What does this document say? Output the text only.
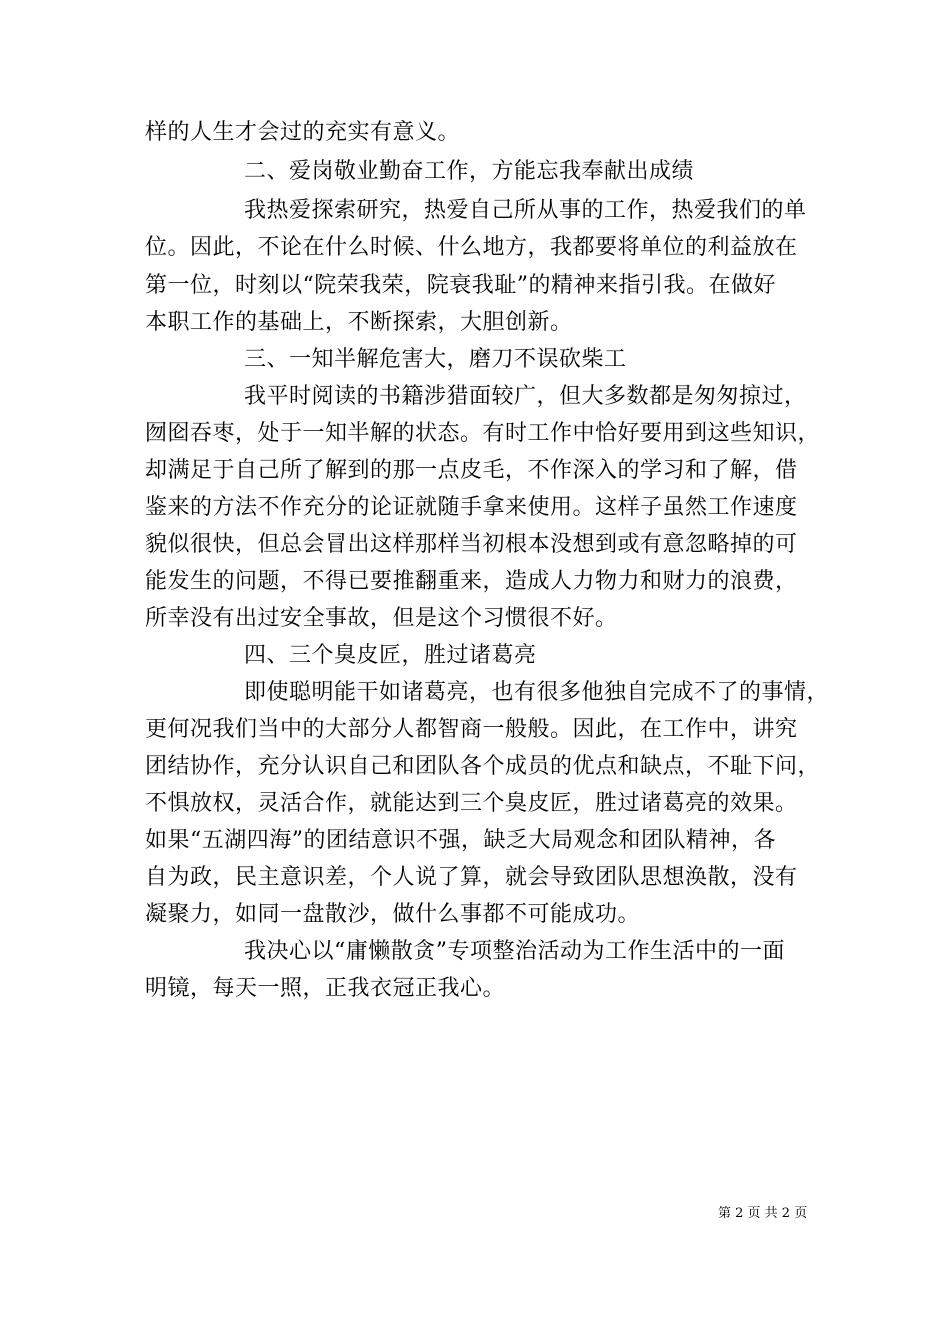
样的人生才会过的充实有意义。
二、爱岗敬业勤奋工作，方能忘我奉献出成绩
我热爱探索研究，热爱自己所从事的工作，热爱我们的单
位。因此，不论在什么时候、什么地方，我都要将单位的利益放在
第一位，时刻以“院荣我荣，院衰我耻”的精神来指引我。在做好
本职工作的基础上，不断探索，大胆创新。
三、一知半解危害大，磨刀不误砍柴工
我平时阅读的书籍涉猎面较广，但大多数都是匆匆掠过，
囫囵吞枣，处于一知半解的状态。有时工作中恰好要用到这些知识，
却满足于自己所了解到的那一点皮毛，不作深入的学习和了解，借
鉴来的方法不作充分的论证就随手拿来使用。这样子虽然工作速度
貌似很快，但总会冒出这样那样当初根本没想到或有意忽略掉的可
能发生的问题，不得已要推翻重来，造成人力物力和财力的浪费，
所幸没有出过安全事故，但是这个习惯很不好。
四、三个臭皮匠，胜过诸葛亮
即使聪明能干如诸葛亮，也有很多他独自完成不了的事情，
更何况我们当中的大部分人都智商一般般。因此，在工作中，讲究
团结协作，充分认识自己和团队各个成员的优点和缺点，不耻下问，
不惧放权，灵活合作，就能达到三个臭皮匠，胜过诸葛亮的效果。
如果“五湖四海”的团结意识不强，缺乏大局观念和团队精神，各
自为政，民主意识差，个人说了算，就会导致团队思想涣散，没有
凝聚力，如同一盘散沙，做什么事都不可能成功。
我决心以“庸懒散贪”专项整治活动为工作生活中的一面
明镜，每天一照，正我衣冠正我心。
第 2 页 共 2 页
